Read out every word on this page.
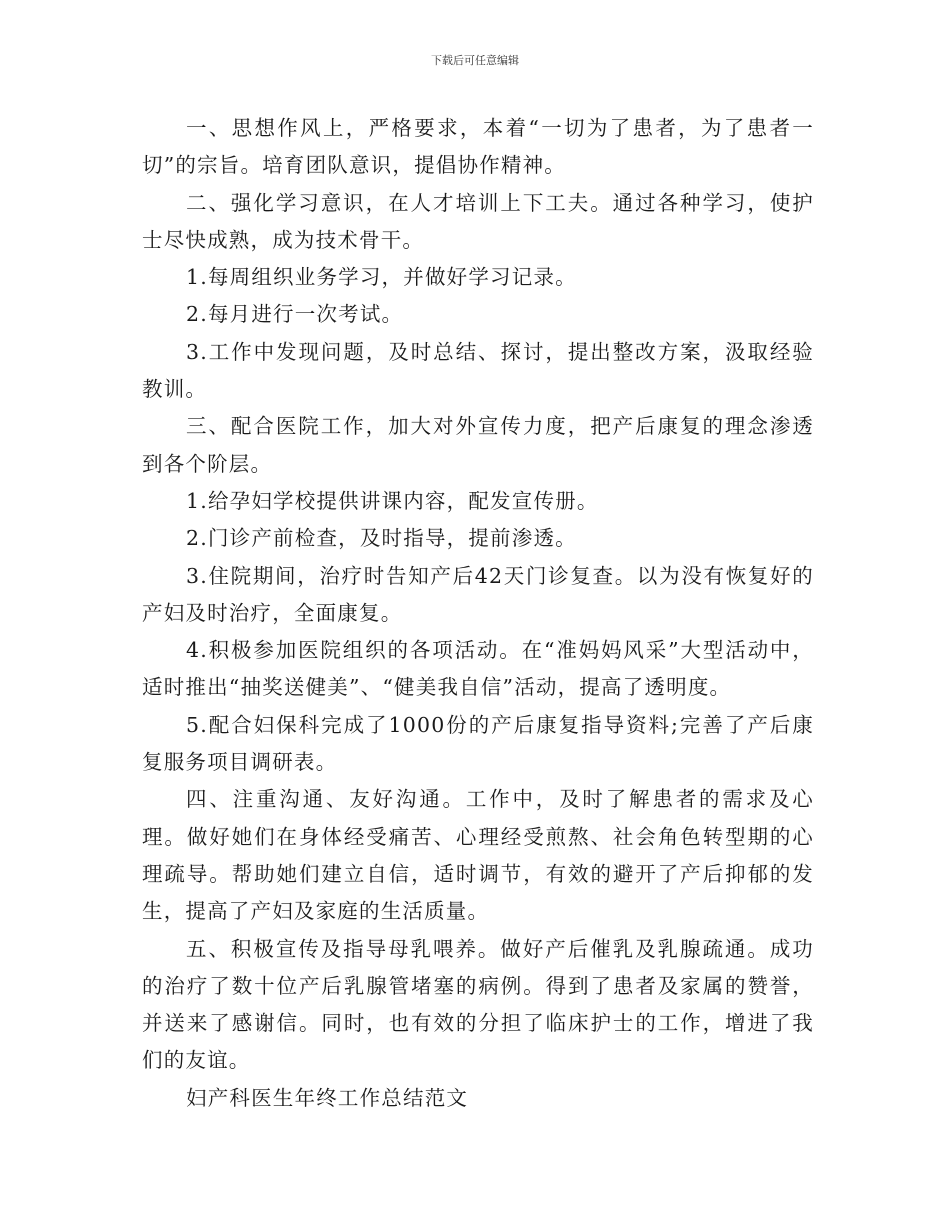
下载后可任意编辑

一、思想作风上，严格要求，本着“一切为了患者，为了患者一切”的宗旨。培育团队意识，提倡协作精神。

二、强化学习意识，在人才培训上下工夫。通过各种学习，使护士尽快成熟，成为技术骨干。

1.每周组织业务学习，并做好学习记录。

2.每月进行一次考试。

3.工作中发现问题，及时总结、探讨，提出整改方案，汲取经验教训。

三、配合医院工作，加大对外宣传力度，把产后康复的理念渗透到各个阶层。

1.给孕妇学校提供讲课内容，配发宣传册。

2.门诊产前检查，及时指导，提前渗透。

3.住院期间，治疗时告知产后42天门诊复查。以为没有恢复好的产妇及时治疗，全面康复。

4.积极参加医院组织的各项活动。在“准妈妈风采”大型活动中，适时推出“抽奖送健美”、“健美我自信”活动，提高了透明度。

5.配合妇保科完成了1000份的产后康复指导资料;完善了产后康复服务项目调研表。

四、注重沟通、友好沟通。工作中，及时了解患者的需求及心理。做好她们在身体经受痛苦、心理经受煎熬、社会角色转型期的心理疏导。帮助她们建立自信，适时调节，有效的避开了产后抑郁的发生，提高了产妇及家庭的生活质量。

五、积极宣传及指导母乳喂养。做好产后催乳及乳腺疏通。成功的治疗了数十位产后乳腺管堵塞的病例。得到了患者及家属的赞誉，并送来了感谢信。同时，也有效的分担了临床护士的工作，增进了我们的友谊。

妇产科医生年终工作总结范文
